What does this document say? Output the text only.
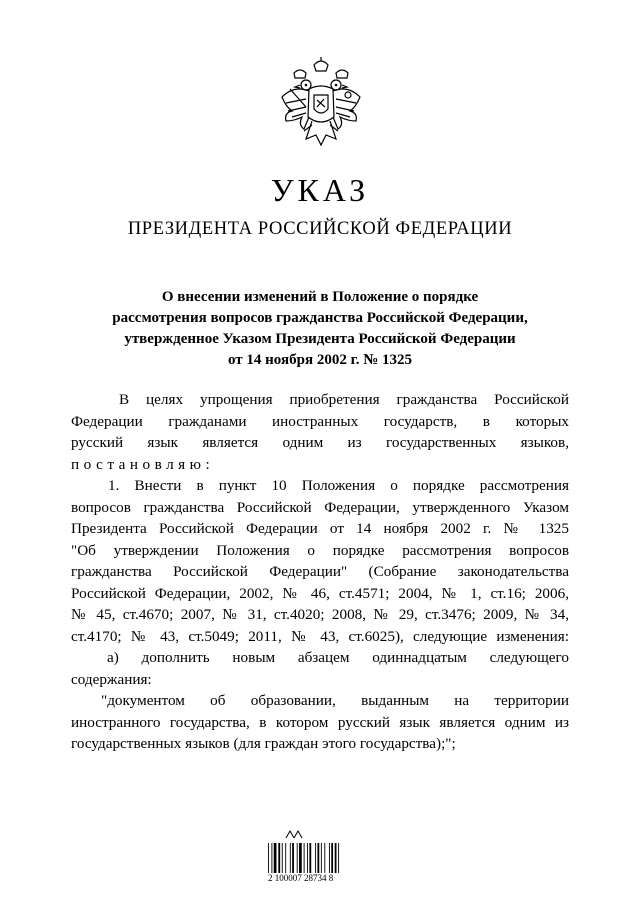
УКАЗ
ПРЕЗИДЕНТА РОССИЙСКОЙ ФЕДЕРАЦИИ
О внесении изменений в Положение о порядке
рассмотрения вопросов гражданства Российской Федерации,
утвержденное Указом Президента Российской Федерации
от 14 ноября 2002 г. № 1325
В целях упрощения приобретения гражданства Российской
Федерации гражданами иностранных государств, в которых
русский язык является одним из государственных языков,
постановляю:
1. Внести в пункт 10 Положения о порядке рассмотрения
вопросов гражданства Российской Федерации, утвержденного Указом
Президента Российской Федерации от 14 ноября 2002 г. № 1325
"Об утверждении Положения о порядке рассмотрения вопросов
гражданства Российской Федерации" (Собрание законодательства
Российской Федерации, 2002, № 46, ст.4571; 2004, № 1, ст.16; 2006,
№ 45, ст.4670; 2007, № 31, ст.4020; 2008, № 29, ст.3476; 2009, № 34,
ст.4170; № 43, ст.5049; 2011, № 43, ст.6025), следующие изменения:
а) дополнить новым абзацем одиннадцатым следующего
содержания:
"документом об образовании, выданным на территории
иностранного государства, в котором русский язык является одним из
государственных языков (для граждан этого государства);";
2 100007 28734 8
